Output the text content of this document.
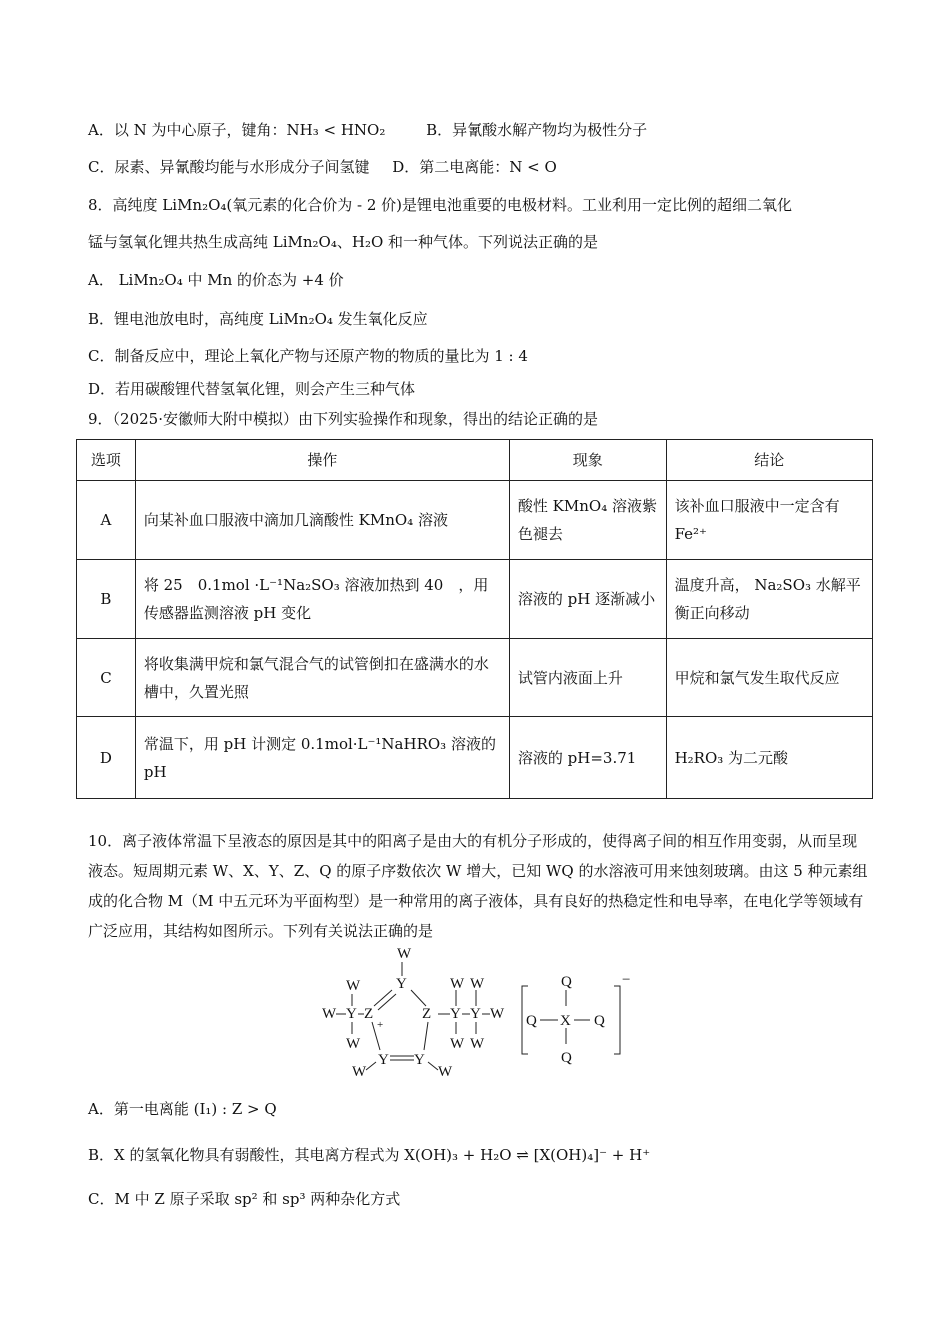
A．以 N 为中心原子，键角：NH₃ < HNO₂	B．异氰酸水解产物均为极性分子
C．尿素、异氰酸均能与水形成分子间氢键 D．第二电离能：N < O
8．高纯度 LiMn₂O₄(氧元素的化合价为 - 2 价)是锂电池重要的电极材料。工业利用一定比例的超细二氧化
锰与氢氧化锂共热生成高纯 LiMn₂O₄、H₂O 和一种气体。下列说法正确的是
A． LiMn₂O₄ 中 Mn 的价态为 +4 价
B．锂电池放电时，高纯度 LiMn₂O₄ 发生氧化反应
C．制备反应中，理论上氧化产物与还原产物的物质的量比为 1 : 4
D．若用碳酸锂代替氢氧化锂，则会产生三种气体
9．（2025·安徽师大附中模拟）由下列实验操作和现象，得出的结论正确的是
选项	操作	现象	结论
A	向某补血口服液中滴加几滴酸性 KMnO₄ 溶液	酸性 KMnO₄ 溶液紫色褪去	该补血口服液中一定含有 Fe²⁺
B	将 25　0.1mol ·L⁻¹Na₂SO₃ 溶液加热到 40　，用传感器监测溶液 pH 变化	溶液的 pH 逐渐减小	温度升高， Na₂SO₃ 水解平衡正向移动
C	将收集满甲烷和氯气混合气的试管倒扣在盛满水的水槽中，久置光照	试管内液面上升	甲烷和氯气发生取代反应
D	常温下，用 pH 计测定 0.1mol·L⁻¹NaHRO₃ 溶液的 pH	溶液的 pH=3.71	H₂RO₃ 为二元酸
10．离子液体常温下呈液态的原因是其中的阳离子是由大的有机分子形成的，使得离子间的相互作用变弱，从而呈现液态。短周期元素 W、X、Y、Z、Q 的原子序数依次 W 增大，已知 WQ 的水溶液可用来蚀刻玻璃。由这 5 种元素组成的化合物 M（M 中五元环为平面构型）是一种常用的离子液体，具有良好的热稳定性和电导率，在电化学等领域有广泛应用，其结构如图所示。下列有关说法正确的是
W
Y
W
W Y Z
+
W
Z
W W
Y Y W
W W
Y Y
W	W
Q
Q X Q
Q
−
A．第一电离能 (I₁) : Z > Q
B．X 的氢氧化物具有弱酸性，其电离方程式为 X(OH)₃ + H₂O ⇌ [X(OH)₄]⁻ + H⁺
C．M 中 Z 原子采取 sp² 和 sp³ 两种杂化方式
